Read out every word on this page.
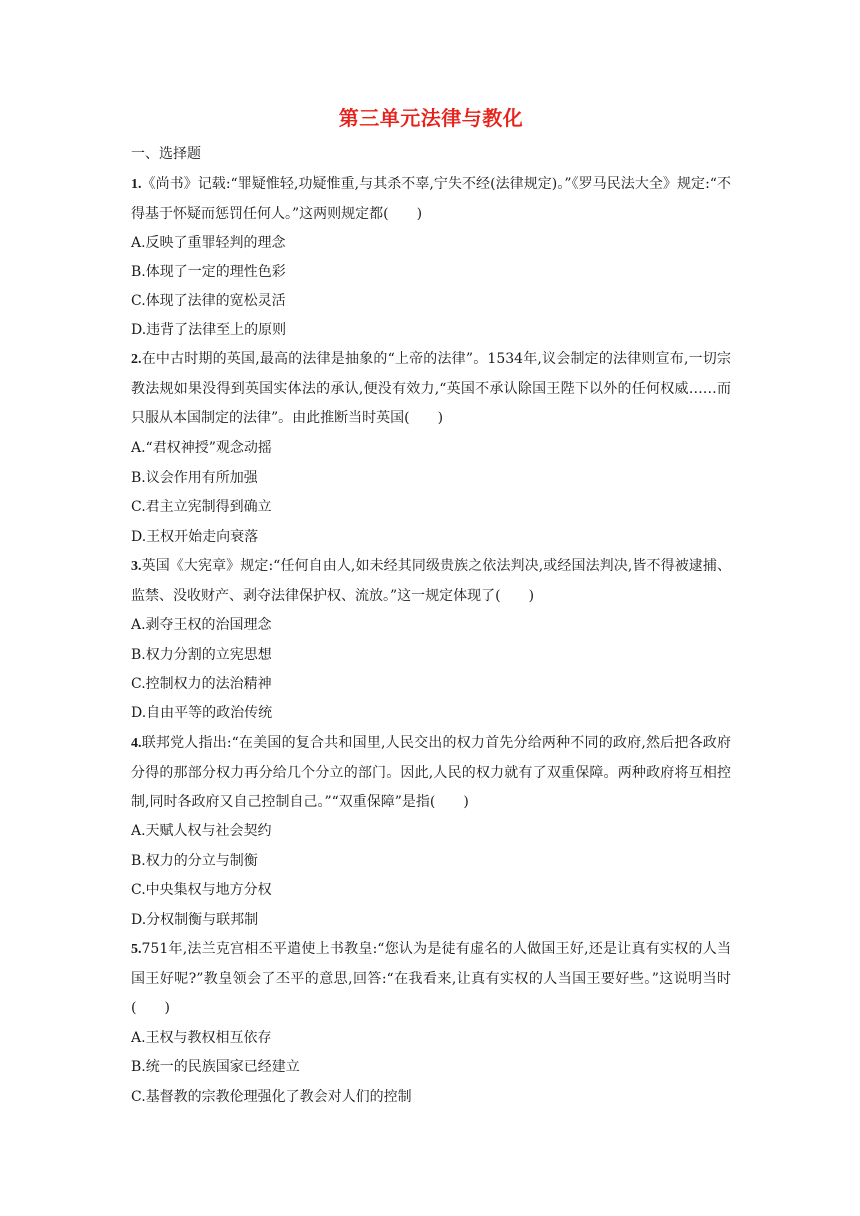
第三单元法律与教化
一、选择题
1.《尚书》记载:“罪疑惟轻,功疑惟重,与其杀不辜,宁失不经(法律规定)。”《罗马民法大全》规定:“不得基于怀疑而惩罚任何人。”这两则规定都(　　)
A.反映了重罪轻判的理念
B.体现了一定的理性色彩
C.体现了法律的宽松灵活
D.违背了法律至上的原则
2.在中古时期的英国,最高的法律是抽象的“上帝的法律”。1534年,议会制定的法律则宣布,一切宗教法规如果没得到英国实体法的承认,便没有效力,“英国不承认除国王陛下以外的任何权威……而只服从本国制定的法律”。由此推断当时英国(　　)
A.“君权神授”观念动摇
B.议会作用有所加强
C.君主立宪制得到确立
D.王权开始走向衰落
3.英国《大宪章》规定:“任何自由人,如未经其同级贵族之依法判决,或经国法判决,皆不得被逮捕、监禁、没收财产、剥夺法律保护权、流放。”这一规定体现了(　　)
A.剥夺王权的治国理念
B.权力分割的立宪思想
C.控制权力的法治精神
D.自由平等的政治传统
4.联邦党人指出:“在美国的复合共和国里,人民交出的权力首先分给两种不同的政府,然后把各政府分得的那部分权力再分给几个分立的部门。因此,人民的权力就有了双重保障。两种政府将互相控制,同时各政府又自己控制自己。”“双重保障”是指(　　)
A.天赋人权与社会契约
B.权力的分立与制衡
C.中央集权与地方分权
D.分权制衡与联邦制
5.751年,法兰克宫相丕平遣使上书教皇:“您认为是徒有虚名的人做国王好,还是让真有实权的人当国王好呢?”教皇领会了丕平的意思,回答:“在我看来,让真有实权的人当国王要好些。”这说明当时(　　)
A.王权与教权相互依存
B.统一的民族国家已经建立
C.基督教的宗教伦理强化了教会对人们的控制
